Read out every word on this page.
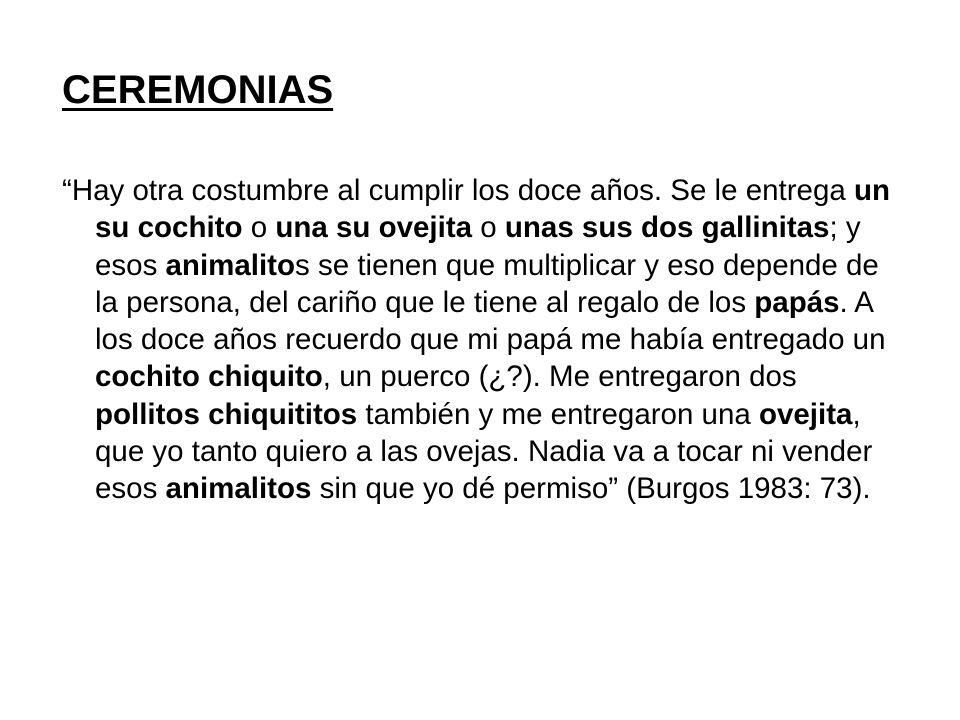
CEREMONIAS
“Hay otra costumbre al cumplir los doce años. Se le entrega un su cochito o una su ovejita o unas sus dos gallinitas; y esos animalitos se tienen que multiplicar y eso depende de la persona, del cariño que le tiene al regalo de los papás. A los doce años recuerdo que mi papá me había entregado un cochito chiquito, un puerco (¿?). Me entregaron dos pollitos chiquititos también y me entregaron una ovejita, que yo tanto quiero a las ovejas. Nadia va a tocar ni vender esos animalitos sin que yo dé permiso” (Burgos 1983: 73).
